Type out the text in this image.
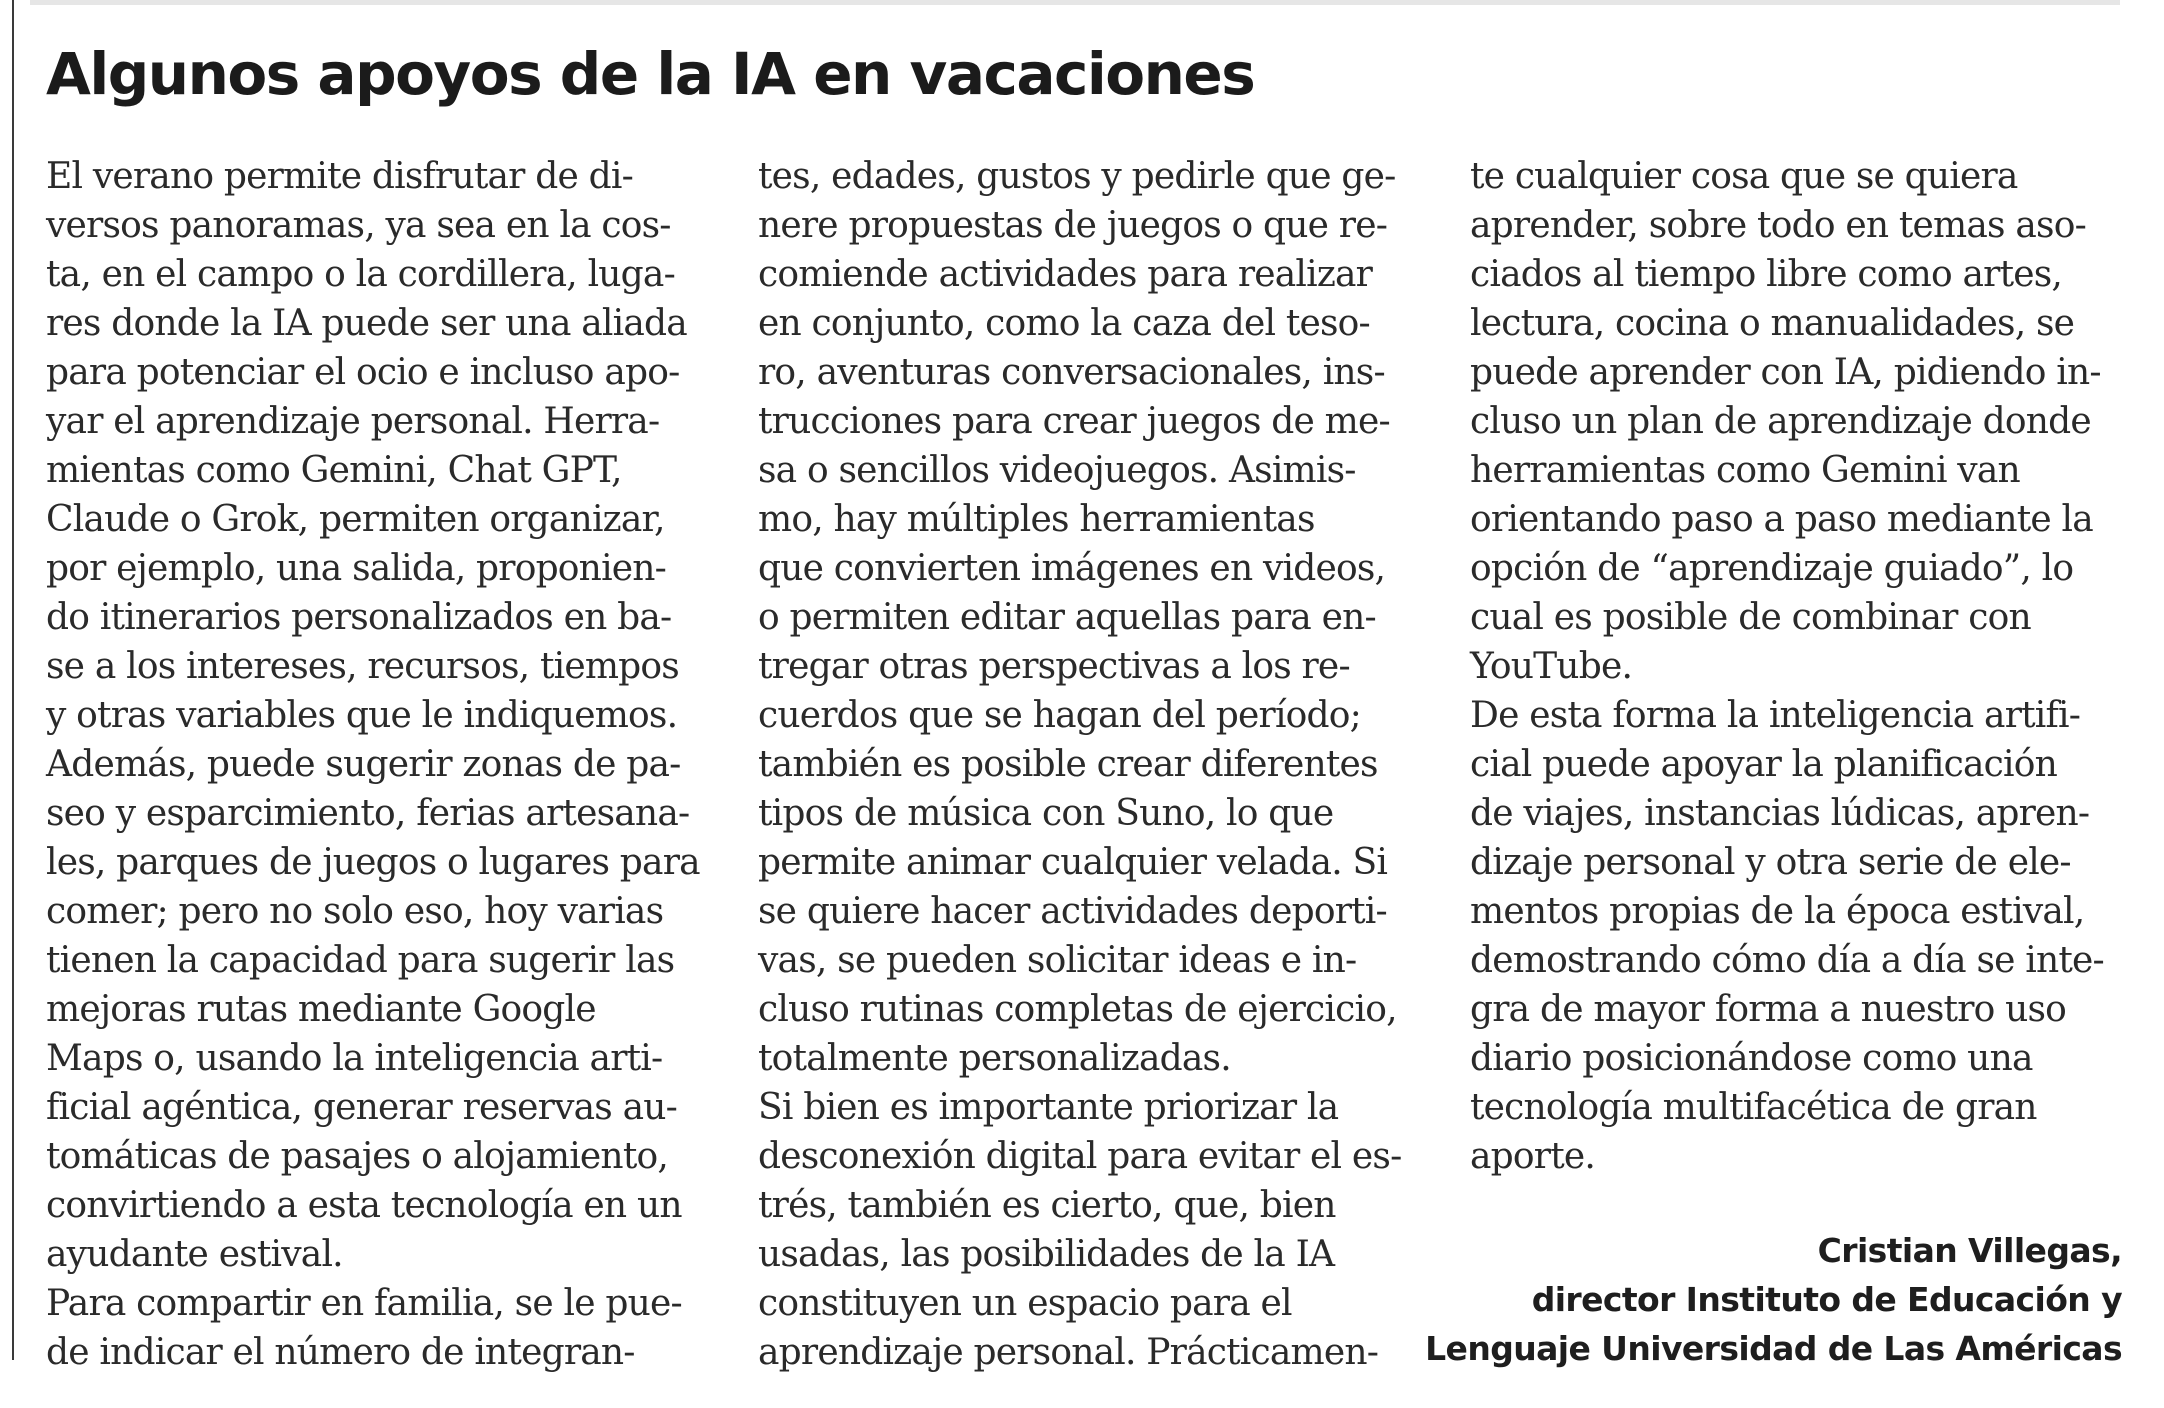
Algunos apoyos de la IA en vacaciones
El verano permite disfrutar de di-
versos panoramas, ya sea en la cos-
ta, en el campo o la cordillera, luga-
res donde la IA puede ser una aliada
para potenciar el ocio e incluso apo-
yar el aprendizaje personal. Herra-
mientas como Gemini, Chat GPT,
Claude o Grok, permiten organizar,
por ejemplo, una salida, proponien-
do itinerarios personalizados en ba-
se a los intereses, recursos, tiempos
y otras variables que le indiquemos.
Además, puede sugerir zonas de pa-
seo y esparcimiento, ferias artesana-
les, parques de juegos o lugares para
comer; pero no solo eso, hoy varias
tienen la capacidad para sugerir las
mejoras rutas mediante Google
Maps o, usando la inteligencia arti-
ficial agéntica, generar reservas au-
tomáticas de pasajes o alojamiento,
convirtiendo a esta tecnología en un
ayudante estival.
Para compartir en familia, se le pue-
de indicar el número de integran-
tes, edades, gustos y pedirle que ge-
nere propuestas de juegos o que re-
comiende actividades para realizar
en conjunto, como la caza del teso-
ro, aventuras conversacionales, ins-
trucciones para crear juegos de me-
sa o sencillos videojuegos. Asimis-
mo, hay múltiples herramientas
que convierten imágenes en videos,
o permiten editar aquellas para en-
tregar otras perspectivas a los re-
cuerdos que se hagan del período;
también es posible crear diferentes
tipos de música con Suno, lo que
permite animar cualquier velada. Si
se quiere hacer actividades deporti-
vas, se pueden solicitar ideas e in-
cluso rutinas completas de ejercicio,
totalmente personalizadas.
Si bien es importante priorizar la
desconexión digital para evitar el es-
trés, también es cierto, que, bien
usadas, las posibilidades de la IA
constituyen un espacio para el
aprendizaje personal. Prácticamen-
te cualquier cosa que se quiera
aprender, sobre todo en temas aso-
ciados al tiempo libre como artes,
lectura, cocina o manualidades, se
puede aprender con IA, pidiendo in-
cluso un plan de aprendizaje donde
herramientas como Gemini van
orientando paso a paso mediante la
opción de “aprendizaje guiado”, lo
cual es posible de combinar con
YouTube.
De esta forma la inteligencia artifi-
cial puede apoyar la planificación
de viajes, instancias lúdicas, apren-
dizaje personal y otra serie de ele-
mentos propias de la época estival,
demostrando cómo día a día se inte-
gra de mayor forma a nuestro uso
diario posicionándose como una
tecnología multifacética de gran
aporte.
Cristian Villegas,
director Instituto de Educación y
Lenguaje Universidad de Las Américas
